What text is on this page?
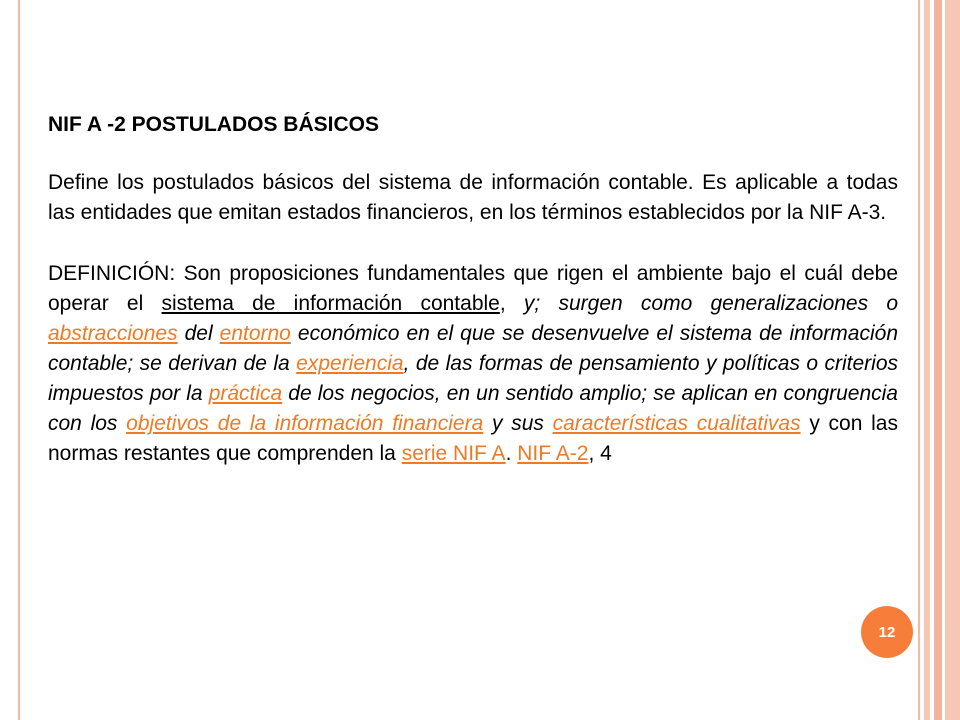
NIF A -2 POSTULADOS BÁSICOS

Define los postulados básicos del sistema de información contable. Es aplicable a todas las entidades que emitan estados financieros, en los términos establecidos por la NIF A-3.

DEFINICIÓN: Son proposiciones fundamentales que rigen el ambiente bajo el cuál debe operar el sistema de información contable, y; surgen como generalizaciones o abstracciones del entorno económico en el que se desenvuelve el sistema de información contable; se derivan de la experiencia, de las formas de pensamiento y políticas o criterios impuestos por la práctica de los negocios, en un sentido amplio; se aplican en congruencia con los objetivos de la información financiera y sus características cualitativas y con las normas restantes que comprenden la serie NIF A. NIF A-2, 4

12
